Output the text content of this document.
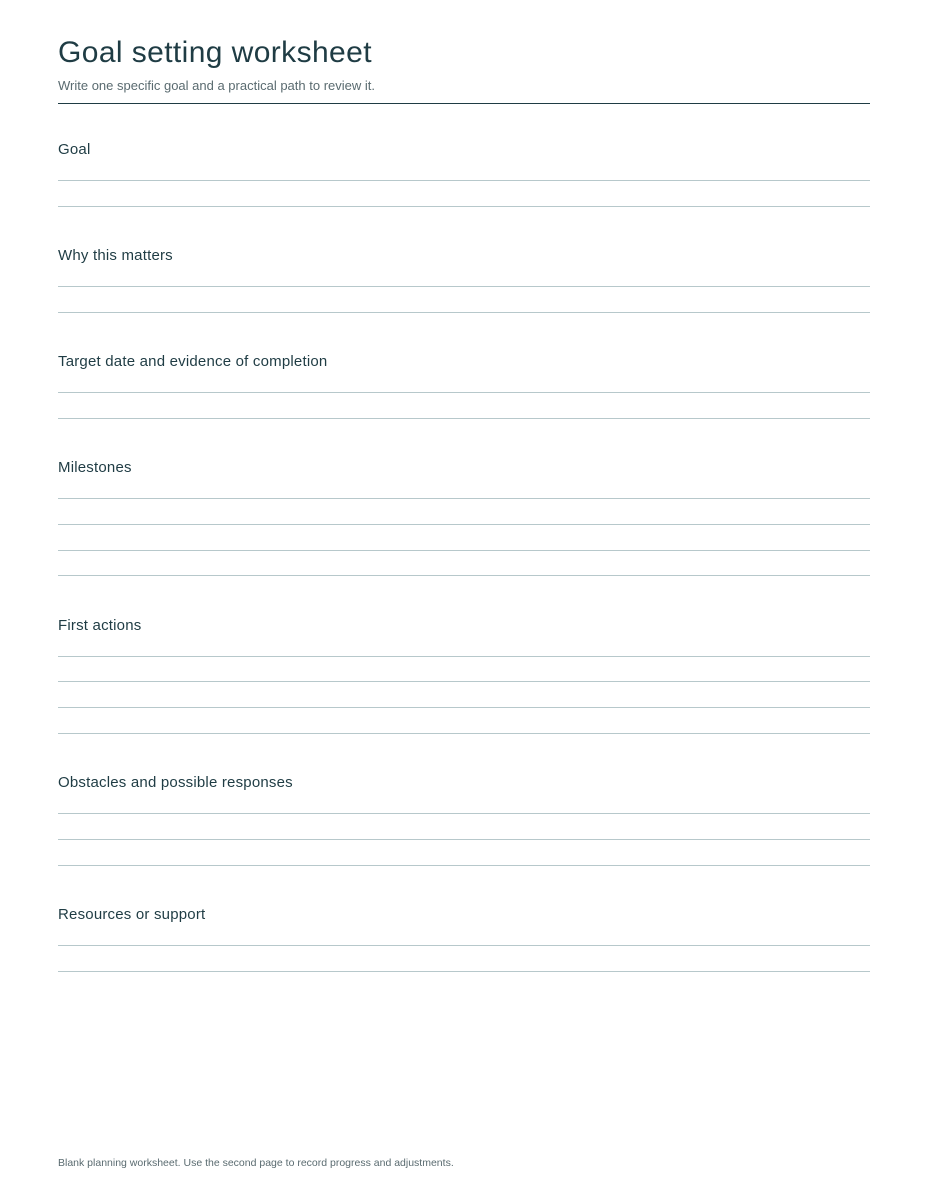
Goal setting worksheet

Write one specific goal and a practical path to review it.

Goal

Why this matters

Target date and evidence of completion

Milestones

First actions

Obstacles and possible responses

Resources or support

Blank planning worksheet. Use the second page to record progress and adjustments.
